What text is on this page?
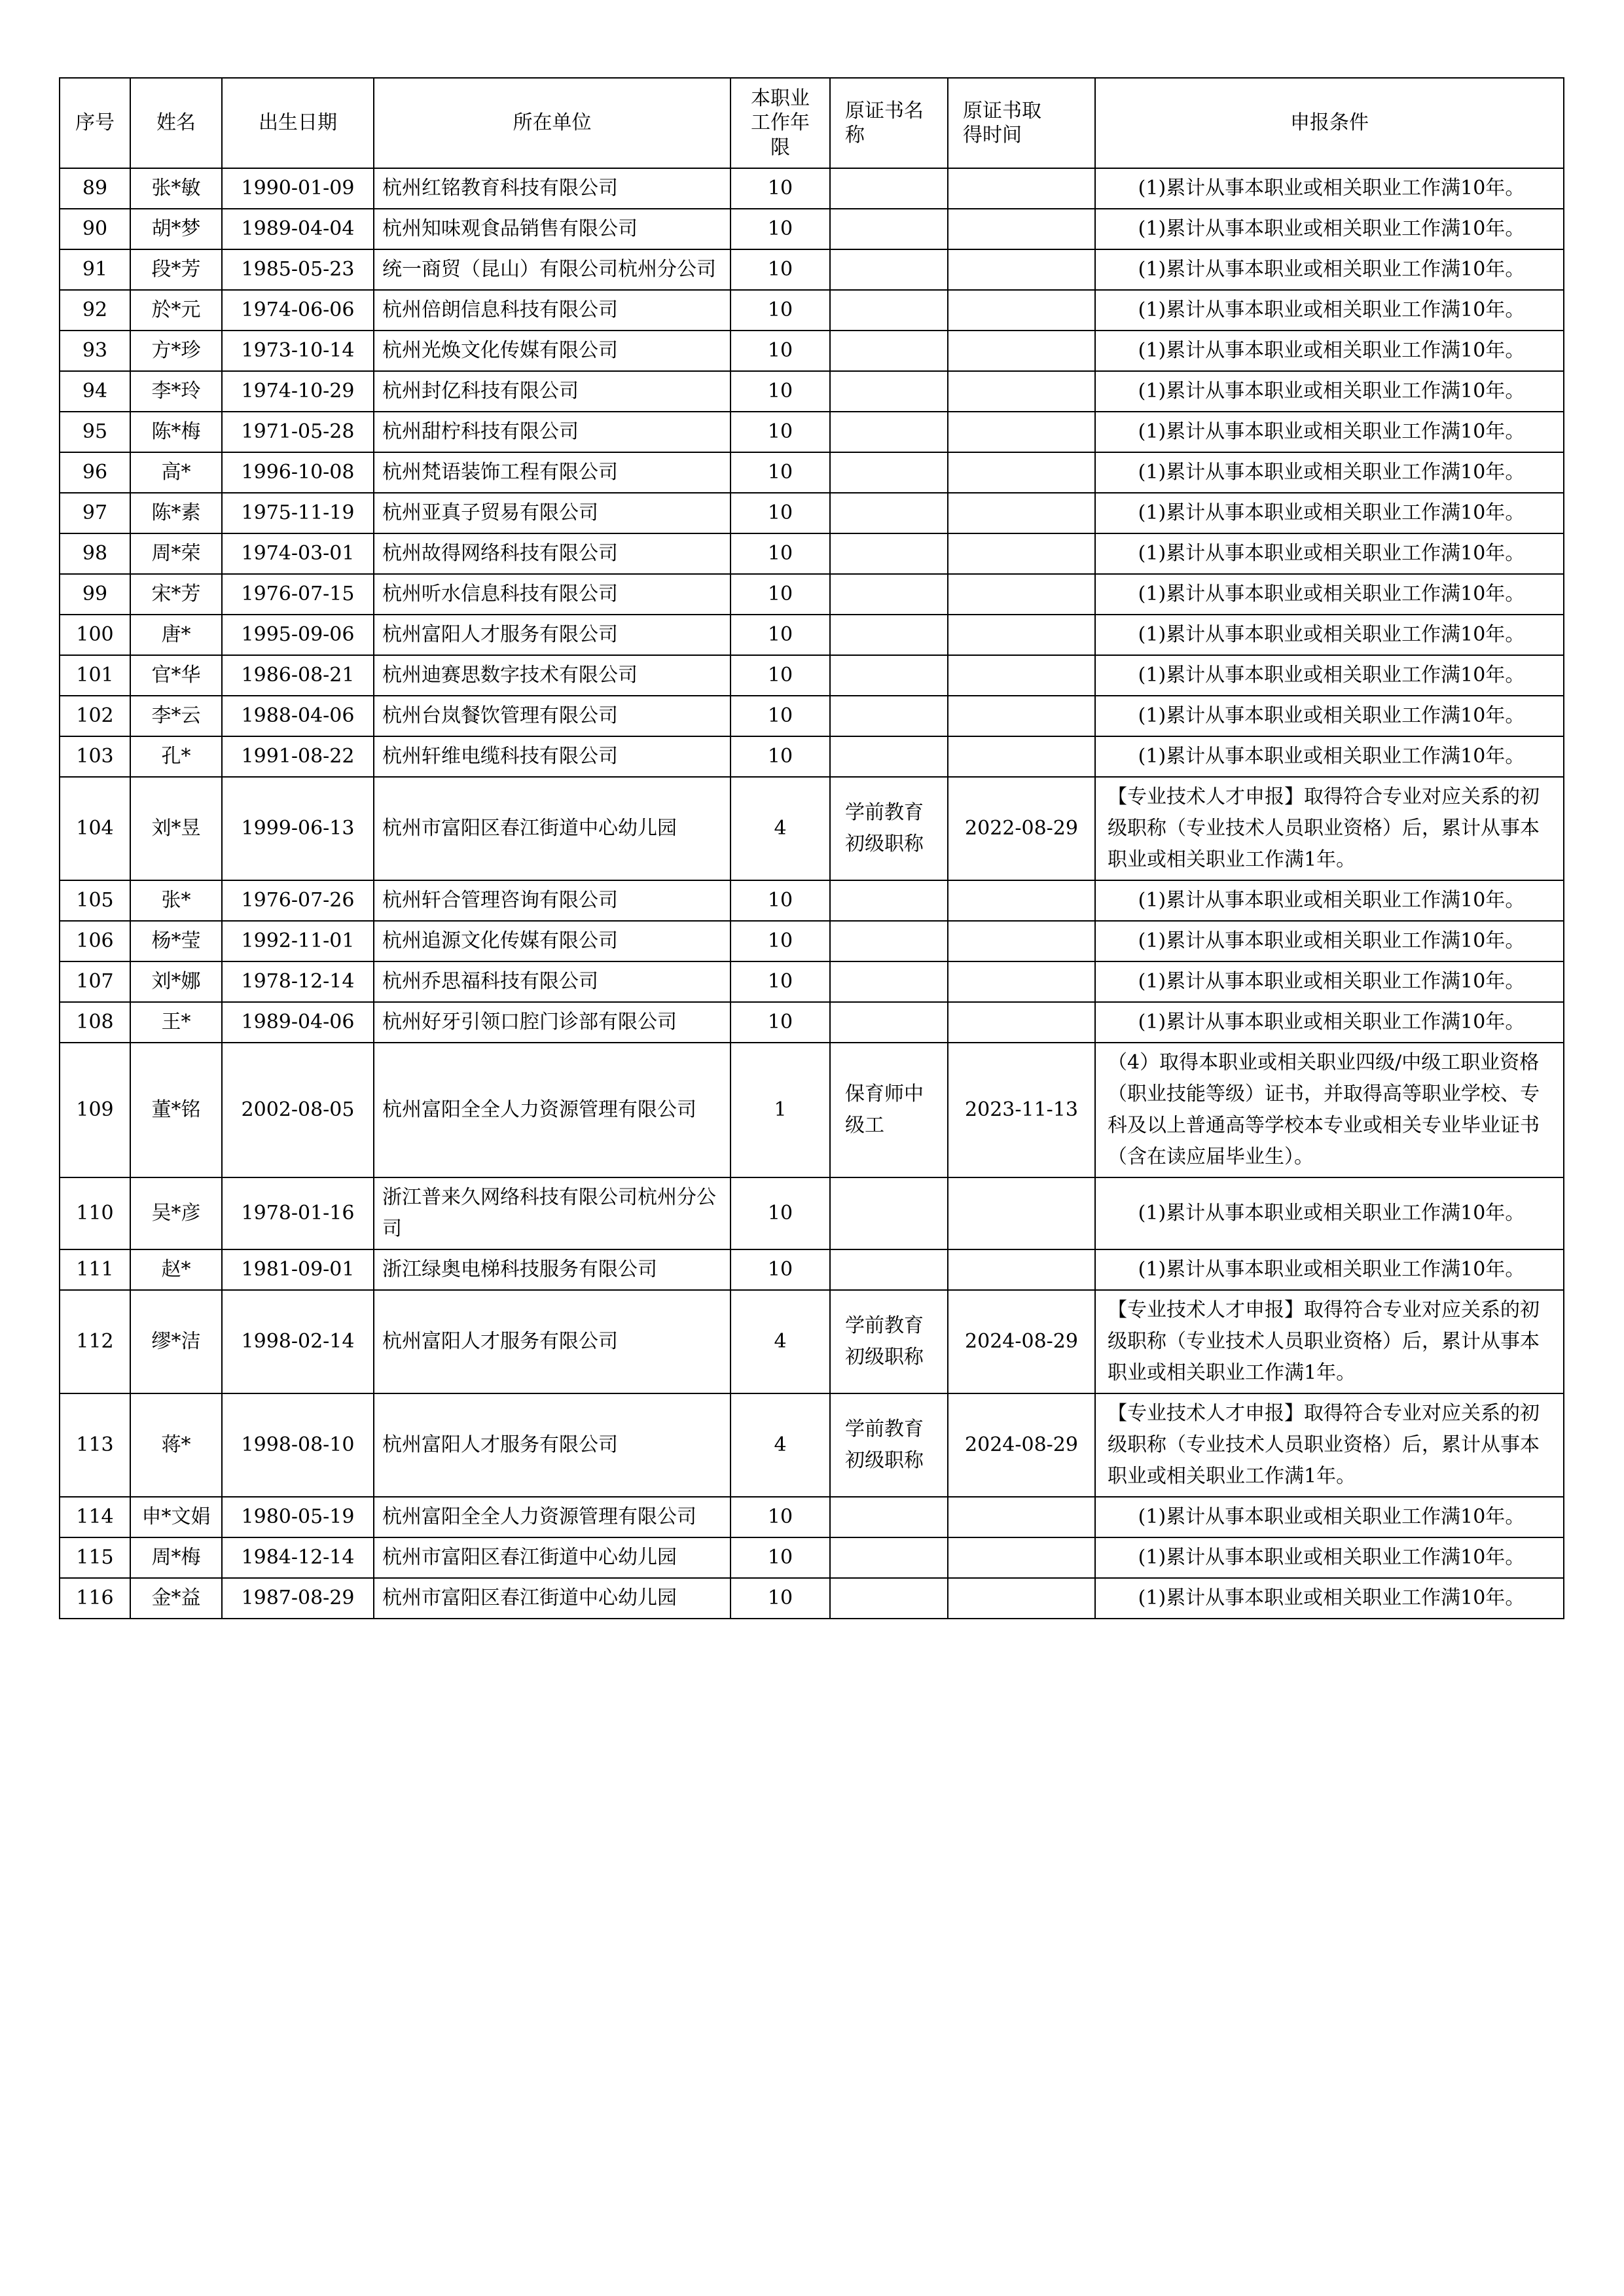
序号	姓名	出生日期	所在单位	本职业工作年限	原证书名称	原证书取得时间	申报条件
89	张*敏	1990-01-09	杭州红铭教育科技有限公司	10			(1)累计从事本职业或相关职业工作满10年。
90	胡*梦	1989-04-04	杭州知味观食品销售有限公司	10			(1)累计从事本职业或相关职业工作满10年。
91	段*芳	1985-05-23	统一商贸（昆山）有限公司杭州分公司	10			(1)累计从事本职业或相关职业工作满10年。
92	於*元	1974-06-06	杭州倍朗信息科技有限公司	10			(1)累计从事本职业或相关职业工作满10年。
93	方*珍	1973-10-14	杭州光焕文化传媒有限公司	10			(1)累计从事本职业或相关职业工作满10年。
94	李*玲	1974-10-29	杭州封亿科技有限公司	10			(1)累计从事本职业或相关职业工作满10年。
95	陈*梅	1971-05-28	杭州甜柠科技有限公司	10			(1)累计从事本职业或相关职业工作满10年。
96	高*	1996-10-08	杭州梵语装饰工程有限公司	10			(1)累计从事本职业或相关职业工作满10年。
97	陈*素	1975-11-19	杭州亚真子贸易有限公司	10			(1)累计从事本职业或相关职业工作满10年。
98	周*荣	1974-03-01	杭州故得网络科技有限公司	10			(1)累计从事本职业或相关职业工作满10年。
99	宋*芳	1976-07-15	杭州听水信息科技有限公司	10			(1)累计从事本职业或相关职业工作满10年。
100	唐*	1995-09-06	杭州富阳人才服务有限公司	10			(1)累计从事本职业或相关职业工作满10年。
101	官*华	1986-08-21	杭州迪赛思数字技术有限公司	10			(1)累计从事本职业或相关职业工作满10年。
102	李*云	1988-04-06	杭州台岚餐饮管理有限公司	10			(1)累计从事本职业或相关职业工作满10年。
103	孔*	1991-08-22	杭州轩维电缆科技有限公司	10			(1)累计从事本职业或相关职业工作满10年。
104	刘*昱	1999-06-13	杭州市富阳区春江街道中心幼儿园	4	学前教育初级职称	2022-08-29	【专业技术人才申报】取得符合专业对应关系的初级职称（专业技术人员职业资格）后，累计从事本职业或相关职业工作满1年。
105	张*	1976-07-26	杭州轩合管理咨询有限公司	10			(1)累计从事本职业或相关职业工作满10年。
106	杨*莹	1992-11-01	杭州追源文化传媒有限公司	10			(1)累计从事本职业或相关职业工作满10年。
107	刘*娜	1978-12-14	杭州乔思福科技有限公司	10			(1)累计从事本职业或相关职业工作满10年。
108	王*	1989-04-06	杭州好牙引领口腔门诊部有限公司	10			(1)累计从事本职业或相关职业工作满10年。
109	董*铭	2002-08-05	杭州富阳全全人力资源管理有限公司	1	保育师中级工	2023-11-13	（4）取得本职业或相关职业四级/中级工职业资格（职业技能等级）证书，并取得高等职业学校、专科及以上普通高等学校本专业或相关专业毕业证书（含在读应届毕业生）。
110	吴*彦	1978-01-16	浙江普来久网络科技有限公司杭州分公司	10			(1)累计从事本职业或相关职业工作满10年。
111	赵*	1981-09-01	浙江绿奥电梯科技服务有限公司	10			(1)累计从事本职业或相关职业工作满10年。
112	缪*洁	1998-02-14	杭州富阳人才服务有限公司	4	学前教育初级职称	2024-08-29	【专业技术人才申报】取得符合专业对应关系的初级职称（专业技术人员职业资格）后，累计从事本职业或相关职业工作满1年。
113	蒋*	1998-08-10	杭州富阳人才服务有限公司	4	学前教育初级职称	2024-08-29	【专业技术人才申报】取得符合专业对应关系的初级职称（专业技术人员职业资格）后，累计从事本职业或相关职业工作满1年。
114	申*文娟	1980-05-19	杭州富阳全全人力资源管理有限公司	10			(1)累计从事本职业或相关职业工作满10年。
115	周*梅	1984-12-14	杭州市富阳区春江街道中心幼儿园	10			(1)累计从事本职业或相关职业工作满10年。
116	金*益	1987-08-29	杭州市富阳区春江街道中心幼儿园	10			(1)累计从事本职业或相关职业工作满10年。
